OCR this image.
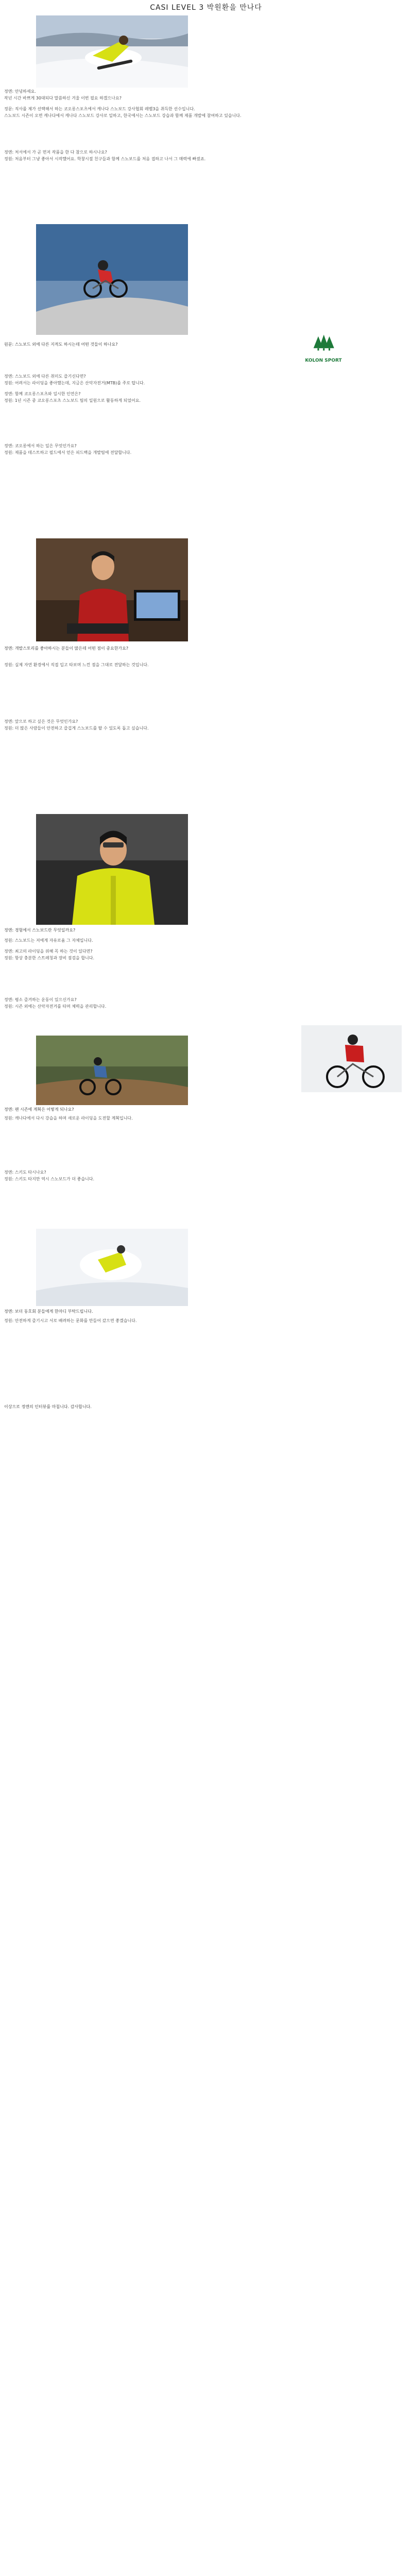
CASI LEVEL 3 박원환을 만나다
정엔: 안녕하세요.
작년 시간 바쁘게 30대되다 말씀하신 겨울 이번 필요 하겠으나요?
정문: 직사를 제가 선택해서 하는 코오롱스포츠에서 캐나다 스노보드 강사협회 레벨3을 취득한 선수입니다.
스노보드 시즌이 오면 캐나다에서 캐나다 스노보드 강사로 일하고, 한국에서는 스노보드 강습과 함께 제품 개발에 참여하고 있습니다.
정엔: 처서에서 가 곧 먼저 작품을 한 다 참으로 하시나요?
정원: 처음부터 그냥 좋아서 시작했어요. 학창시절 친구들과 함께 스노보드를 처음 접하고 나서 그 매력에 빠졌죠.
원문: 스노보드 외에 다른 지적도 하시는데 어떤 것들이 하나요?
KOLON SPORT
정엔: 스노보드 외에 다른 취미도 즐기신다면?
정원: 어려서는 라이딩을 좋아했는데, 지금은 산악자전거(MTB)를 주로 탑니다.
정엔: 함께 코오롱스포츠와 일시한 인연은?
정원: 1년 시즌 중 코오롱스포츠 스노보드 팀의 일원으로 활동하게 되었어요.
정엔: 코오롱에서 하는 일은 무엇인가요?
정원: 제품을 테스트하고 필드에서 얻은 피드백을 개발팀에 전달합니다.
정엔: 개발스토리를 좋아하시는 분들이 많은데 어떤 점이 중요한가요?
정원: 실제 자연 환경에서 직접 입고 타보며 느낀 점을 그대로 전달하는 것입니다.
정엔: 앞으로 하고 싶은 것은 무엇인가요?
정원: 더 많은 사람들이 안전하고 즐겁게 스노보드를 탈 수 있도록 돕고 싶습니다.
정엔: 경험에서 스노보드란 무엇일까요?
정원: 스노보드는 저에게 자유로움 그 자체입니다.
정엔: 최고의 라이딩을 위해 꼭 하는 것이 있다면?
정원: 항상 충분한 스트레칭과 장비 점검을 합니다.
정엔: 평소 즐겨하는 운동이 있으신가요?
정원: 시즌 외에는 산악자전거를 타며 체력을 관리합니다.
정엔: 팬 시즌에 계획은 어떻게 되나요?
정원: 캐나다에서 다시 강습을 하며 새로운 라이딩을 도전할 계획입니다.
정엔: 스키도 타시나요?
정원: 스키도 타지만 역시 스노보드가 더 좋습니다.
정엔: 보더 동호회 분들에게 한마디 부탁드립니다.
정원: 안전하게 즐기시고 서로 배려하는 문화를 만들어 갔으면 좋겠습니다.
이상으로 정엔의 인터뷰를 마칩니다. 감사합니다.
